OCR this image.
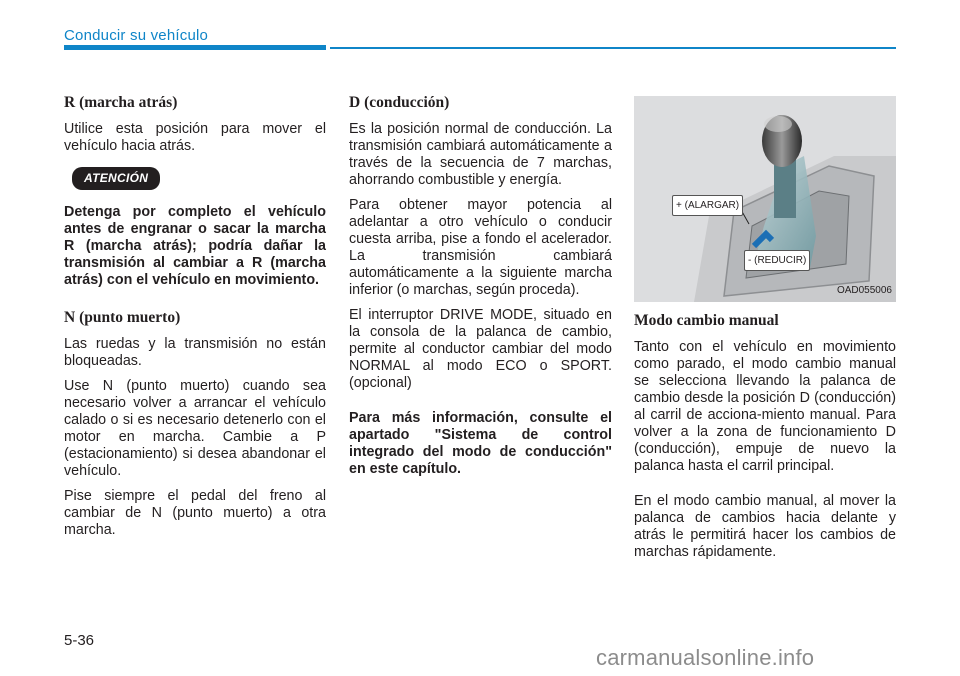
Conducir su vehículo
R (marcha atrás)

Utilice esta posición para mover el vehículo hacia atrás.

ATENCIÓN

Detenga por completo el vehículo antes de engranar o sacar la marcha R (marcha atrás); podría dañar la transmisión al cambiar a R (marcha atrás) con el vehículo en movimiento.

N (punto muerto)

Las ruedas y la transmisión no están bloqueadas.

Use N (punto muerto) cuando sea necesario volver a arrancar el vehículo calado o si es necesario detenerlo con el motor en marcha. Cambie a P (estacionamiento) si desea abandonar el vehículo.

Pise siempre el pedal del freno al cambiar de N (punto muerto) a otra marcha.

D (conducción)

Es la posición normal de conducción. La transmisión cambiará automáticamente a través de la secuencia de 7 marchas, ahorrando combustible y energía.

Para obtener mayor potencia al adelantar a otro vehículo o conducir cuesta arriba, pise a fondo el acelerador. La transmisión cambiará automáticamente a la siguiente marcha inferior (o marchas, según proceda).

El interruptor DRIVE MODE, situado en la consola de la palanca de cambio, permite al conductor cambiar del modo NORMAL al modo ECO o SPORT. (opcional)

Para más información, consulte el apartado "Sistema de control integrado del modo de conducción" en este capítulo.

+ (ALARGAR)
- (REDUCIR)
OAD055006
Modo cambio manual

Tanto con el vehículo en movimiento como parado, el modo cambio manual se selecciona llevando la palanca de cambio desde la posición D (conducción) al carril de acciona-miento manual. Para volver a la zona de funcionamiento D (conducción), empuje de nuevo la palanca hasta el carril principal.

En el modo cambio manual, al mover la palanca de cambios hacia delante y atrás le permitirá hacer los cambios de marchas rápidamente.

5-36
carmanualsonline.info
